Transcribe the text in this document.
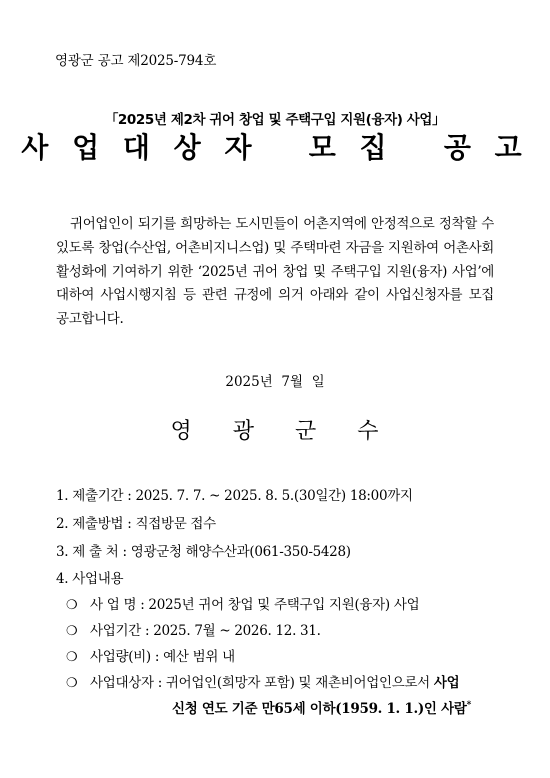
영광군 공고 제2025-794호
「2025년 제2차 귀어 창업 및 주택구입 지원(융자) 사업」
사 업 대 상 자   모 집   공 고
귀어업인이 되기를 희망하는 도시민들이 어촌지역에 안정적으로 정착할 수 있도록 창업(수산업, 어촌비지니스업) 및 주택마련 자금을 지원하여 어촌사회 활성화에 기여하기 위한 ‘2025년 귀어 창업 및 주택구입 지원(융자) 사업’에 대하여 사업시행지침 등 관련 규정에 의거 아래와 같이 사업신청자를 모집 공고합니다.
2025년  7월  일
영     광     군     수
1. 제출기간 : 2025. 7. 7. ~ 2025. 8. 5.(30일간) 18:00까지
2. 제출방법 : 직접방문 접수
3. 제 출 처 : 영광군청 해양수산과(061-350-5428)
4. 사업내용
❍ 사 업 명 : 2025년 귀어 창업 및 주택구입 지원(융자) 사업
❍ 사업기간 : 2025. 7월 ~ 2026. 12. 31.
❍ 사업량(비) : 예산 범위 내
❍ 사업대상자 : 귀어업인(희망자 포함) 및 재촌비어업인으로서 사업
신청 연도 기준 만65세 이하(1959. 1. 1.)인 사람*
